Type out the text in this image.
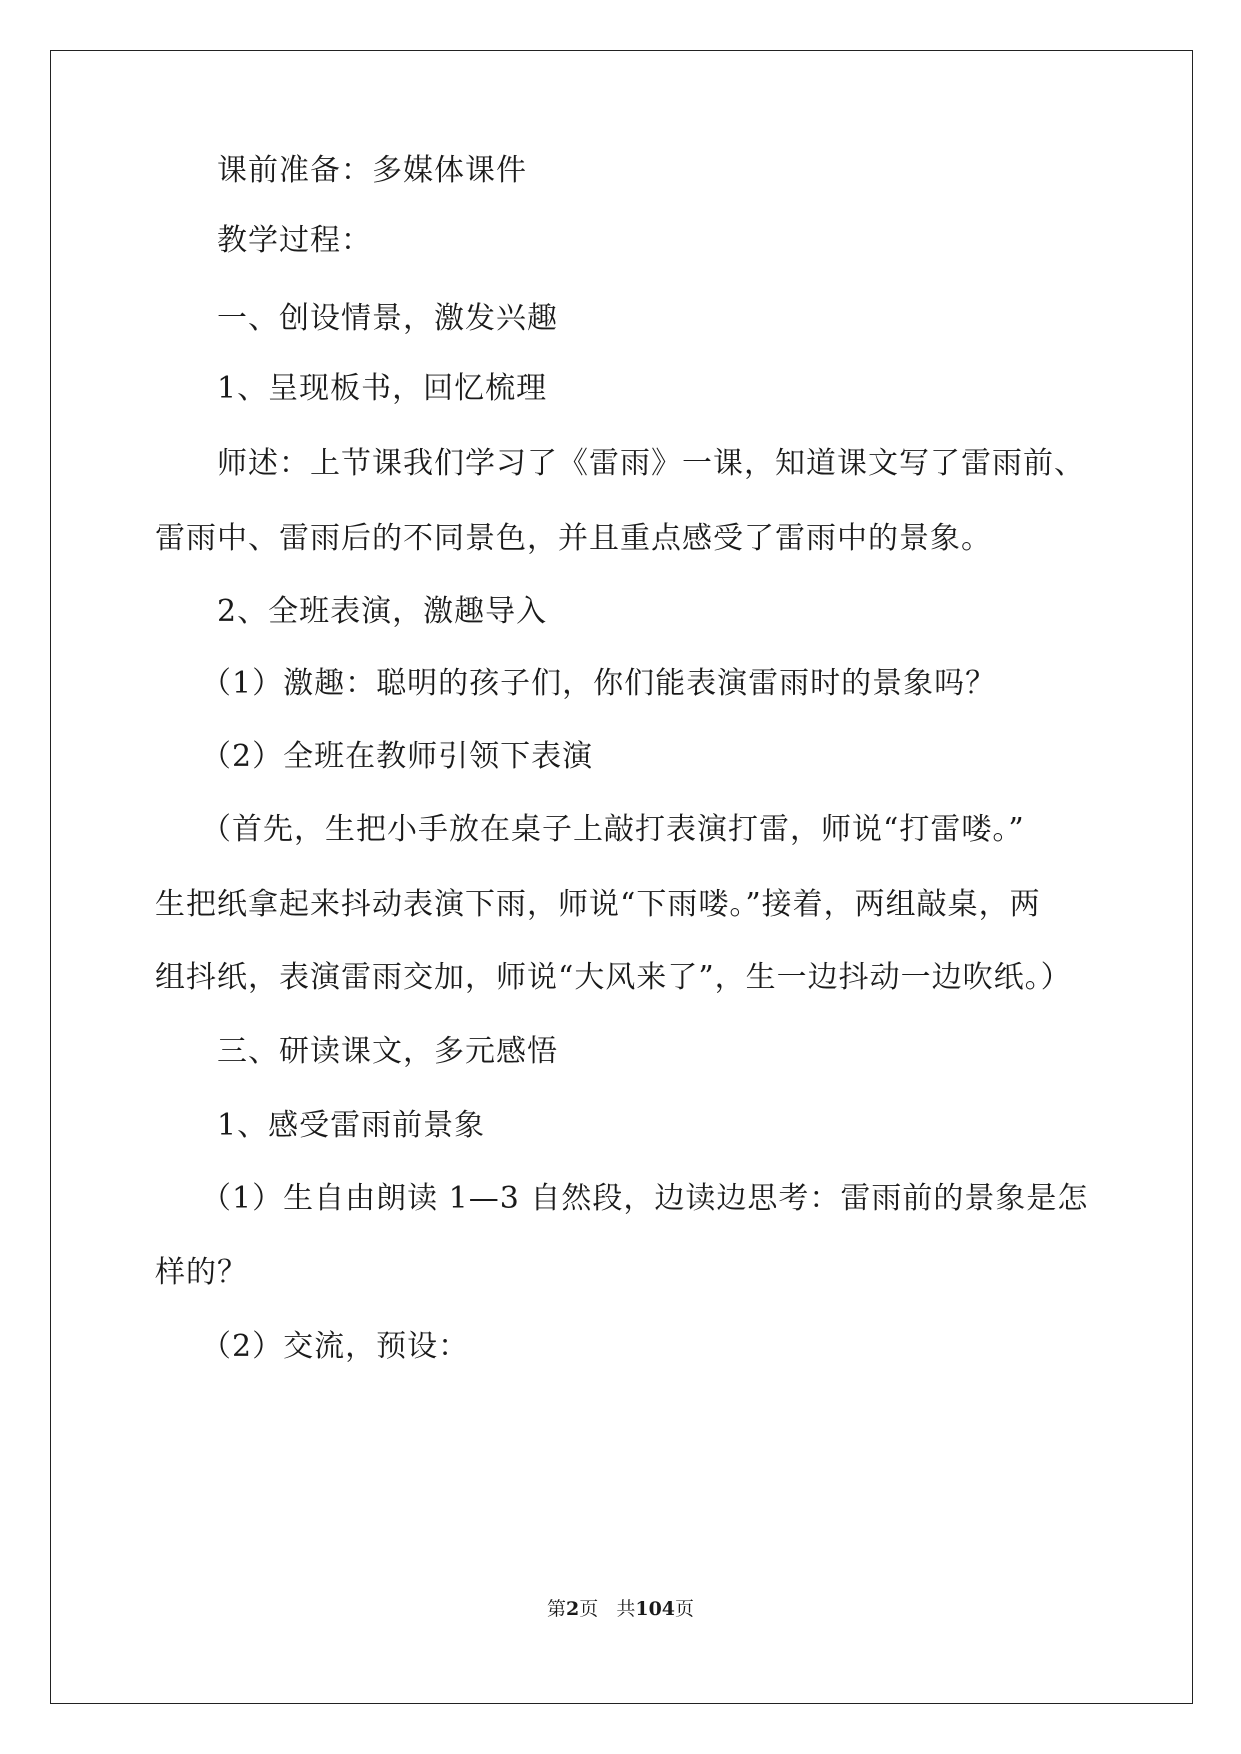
课前准备：多媒体课件
教学过程：
一、创设情景，激发兴趣
1、呈现板书，回忆梳理
师述：上节课我们学习了《雷雨》一课，知道课文写了雷雨前、
雷雨中、雷雨后的不同景色，并且重点感受了雷雨中的景象。
2、全班表演，激趣导入
（1）激趣：聪明的孩子们，你们能表演雷雨时的景象吗？
（2）全班在教师引领下表演
（首先，生把小手放在桌子上敲打表演打雷，师说“打雷喽。”
生把纸拿起来抖动表演下雨，师说“下雨喽。”接着，两组敲桌，两
组抖纸，表演雷雨交加，师说“大风来了”，生一边抖动一边吹纸。）
三、研读课文，多元感悟
1、感受雷雨前景象
（1）生自由朗读 1—3 自然段，边读边思考：雷雨前的景象是怎
样的？
（2）交流，预设：
第2页 共104页
